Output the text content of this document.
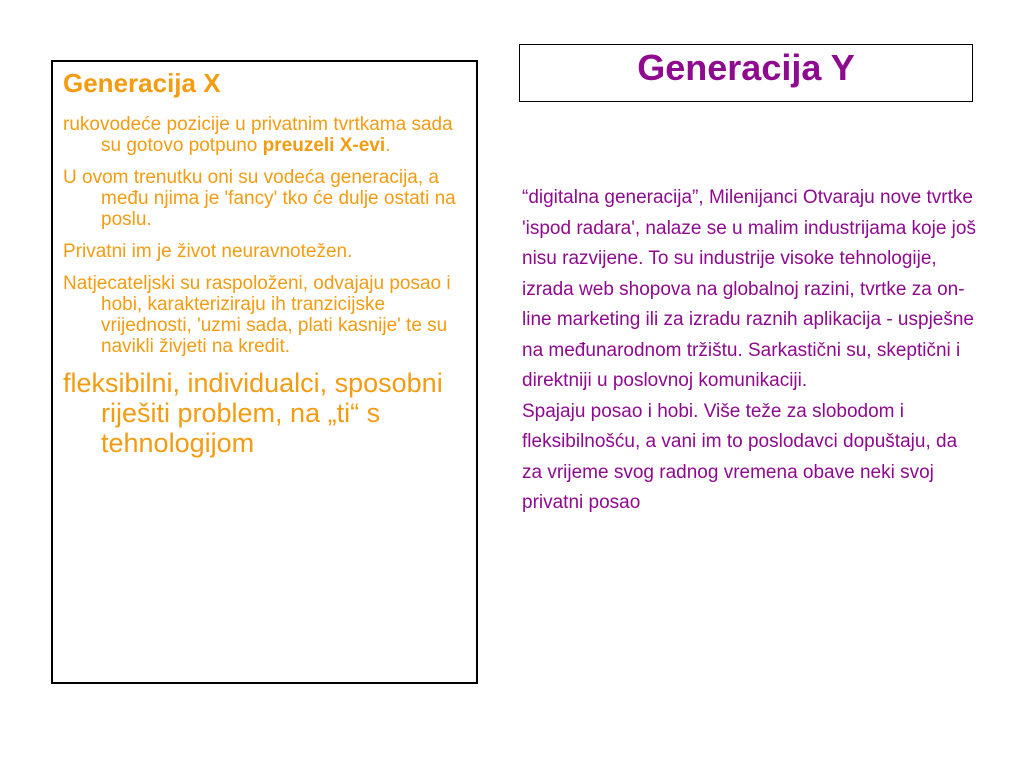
Generacija X

rukovodeće pozicije u privatnim tvrtkama sada su gotovo potpuno preuzeli X-evi.

U ovom trenutku oni su vodeća generacija, a među njima je 'fancy' tko će dulje ostati na poslu.

Privatni im je život neuravnotežen.

Natjecateljski su raspoloženi, odvajaju posao i hobi, karakteriziraju ih tranzicijske vrijednosti, 'uzmi sada, plati kasnije' te su navikli živjeti na kredit.

fleksibilni, individualci, sposobni riješiti problem, na „ti“ s tehnologijom

Generacija Y

“digitalna generacija”, Milenijanci Otvaraju nove tvrtke 'ispod radara', nalaze se u malim industrijama koje još nisu razvijene. To su industrije visoke tehnologije, izrada web shopova na globalnoj razini, tvrtke za on-line marketing ili za izradu raznih aplikacija - uspješne na međunarodnom tržištu. Sarkastični su, skeptični i direktniji u poslovnoj komunikaciji.

Spajaju posao i hobi. Više teže za slobodom i fleksibilnošću, a vani im to poslodavci dopuštaju, da za vrijeme svog radnog vremena obave neki svoj privatni posao
